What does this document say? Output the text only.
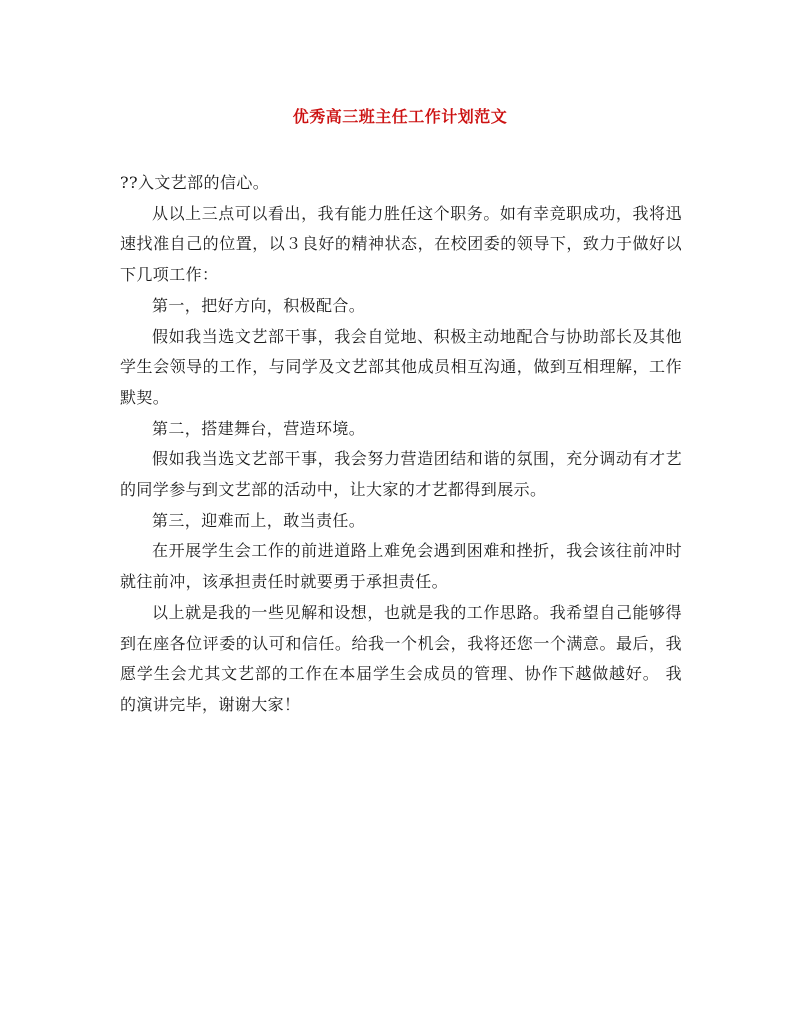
优秀高三班主任工作计划范文

??入文艺部的信心。

从以上三点可以看出，我有能力胜任这个职务。如有幸竞职成功，我将迅速找准自己的位置，以３良好的精神状态，在校团委的领导下，致力于做好以下几项工作：

第一，把好方向，积极配合。

假如我当选文艺部干事，我会自觉地、积极主动地配合与协助部长及其他学生会领导的工作，与同学及文艺部其他成员相互沟通，做到互相理解，工作默契。

第二，搭建舞台，营造环境。

假如我当选文艺部干事，我会努力营造团结和谐的氛围，充分调动有才艺的同学参与到文艺部的活动中，让大家的才艺都得到展示。

第三，迎难而上，敢当责任。

在开展学生会工作的前进道路上难免会遇到困难和挫折，我会该往前冲时就往前冲，该承担责任时就要勇于承担责任。

以上就是我的一些见解和设想，也就是我的工作思路。我希望自己能够得到在座各位评委的认可和信任。给我一个机会，我将还您一个满意。最后，我愿学生会尤其文艺部的工作在本届学生会成员的管理、协作下越做越好。 我的演讲完毕，谢谢大家！
